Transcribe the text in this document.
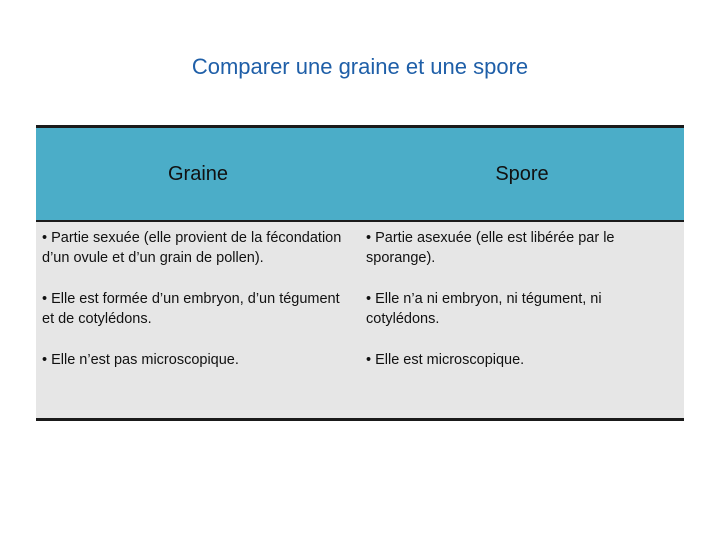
Comparer une graine et une spore
Graine	Spore

• Partie sexuée (elle provient de la fécondation d’un ovule et d’un grain de pollen).

• Elle est formée d’un embryon, d’un tégument et de cotylédons.

• Elle n’est pas microscopique.

• Partie asexuée (elle est libérée par le sporange).

• Elle n’a ni embryon, ni tégument, ni cotylédons.

• Elle est microscopique.
